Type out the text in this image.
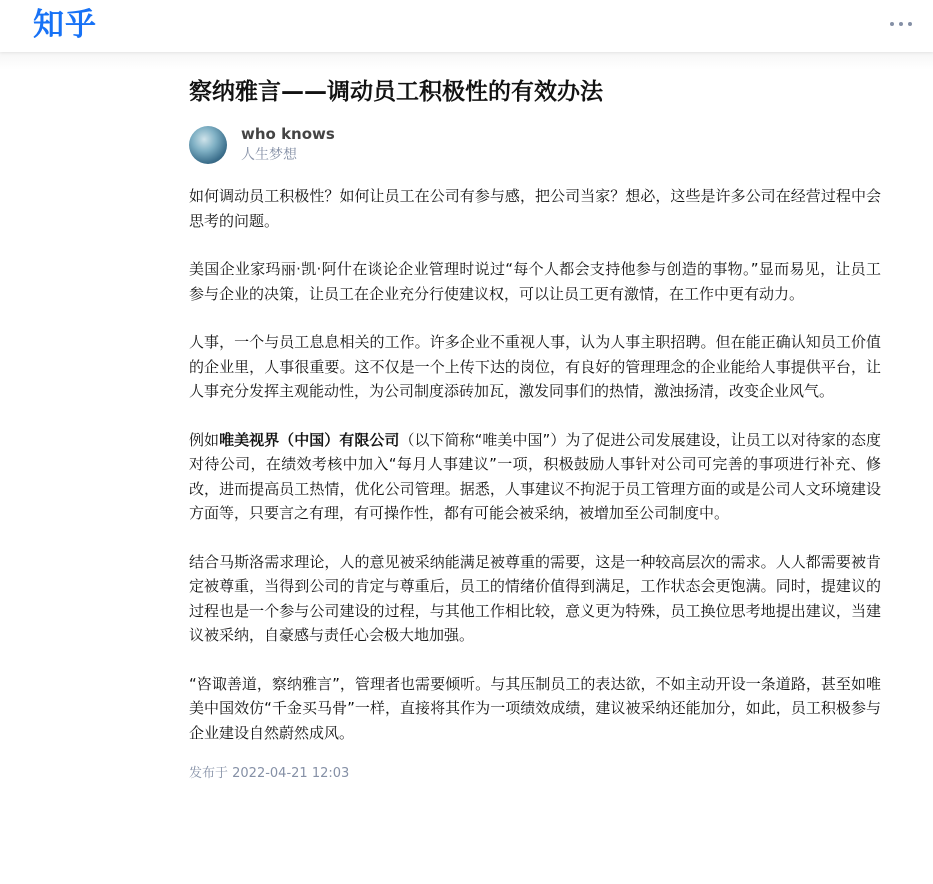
知乎
察纳雅言——调动员工积极性的有效办法
who knows
人生梦想

如何调动员工积极性？如何让员工在公司有参与感，把公司当家？想必，这些是许多公司在经营过程中会思考的问题。

美国企业家玛丽·凯·阿什在谈论企业管理时说过“每个人都会支持他参与创造的事物。”显而易见，让员工参与企业的决策，让员工在企业充分行使建议权，可以让员工更有激情，在工作中更有动力。

人事，一个与员工息息相关的工作。许多企业不重视人事，认为人事主职招聘。但在能正确认知员工价值的企业里，人事很重要。这不仅是一个上传下达的岗位，有良好的管理理念的企业能给人事提供平台，让人事充分发挥主观能动性，为公司制度添砖加瓦，激发同事们的热情，激浊扬清，改变企业风气。

例如唯美视界（中国）有限公司（以下简称“唯美中国”）为了促进公司发展建设，让员工以对待家的态度对待公司，在绩效考核中加入“每月人事建议”一项，积极鼓励人事针对公司可完善的事项进行补充、修改，进而提高员工热情，优化公司管理。据悉，人事建议不拘泥于员工管理方面的或是公司人文环境建设方面等，只要言之有理，有可操作性，都有可能会被采纳，被增加至公司制度中。

结合马斯洛需求理论，人的意见被采纳能满足被尊重的需要，这是一种较高层次的需求。人人都需要被肯定被尊重，当得到公司的肯定与尊重后，员工的情绪价值得到满足，工作状态会更饱满。同时，提建议的过程也是一个参与公司建设的过程，与其他工作相比较，意义更为特殊，员工换位思考地提出建议，当建议被采纳，自豪感与责任心会极大地加强。

“咨诹善道，察纳雅言”，管理者也需要倾听。与其压制员工的表达欲，不如主动开设一条道路，甚至如唯美中国效仿“千金买马骨”一样，直接将其作为一项绩效成绩，建议被采纳还能加分，如此，员工积极参与企业建设自然蔚然成风。

发布于 2022-04-21 12:03
